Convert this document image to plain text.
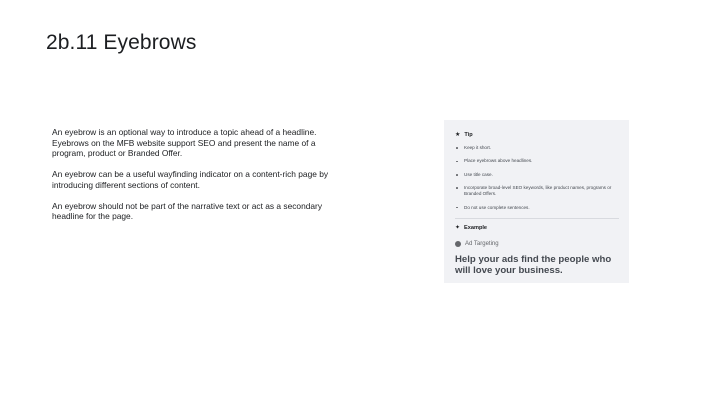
2b.11 Eyebrows

An eyebrow is an optional way to introduce a topic ahead of a headline. Eyebrows on the MFB website support SEO and present the name of a program, product or Branded Offer.

An eyebrow can be a useful wayfinding indicator on a content-rich page by introducing different sections of content.

An eyebrow should not be part of the narrative text or act as a secondary headline for the page.

★ Tip
Keep it short.
Place eyebrows above headlines.
Use title case.
Incorporate broad-level SEO keywords, like product names, programs or Branded Offers.
Do not use complete sentences.
✦ Example
Ad Targeting
Help your ads find the people who will love your business.
